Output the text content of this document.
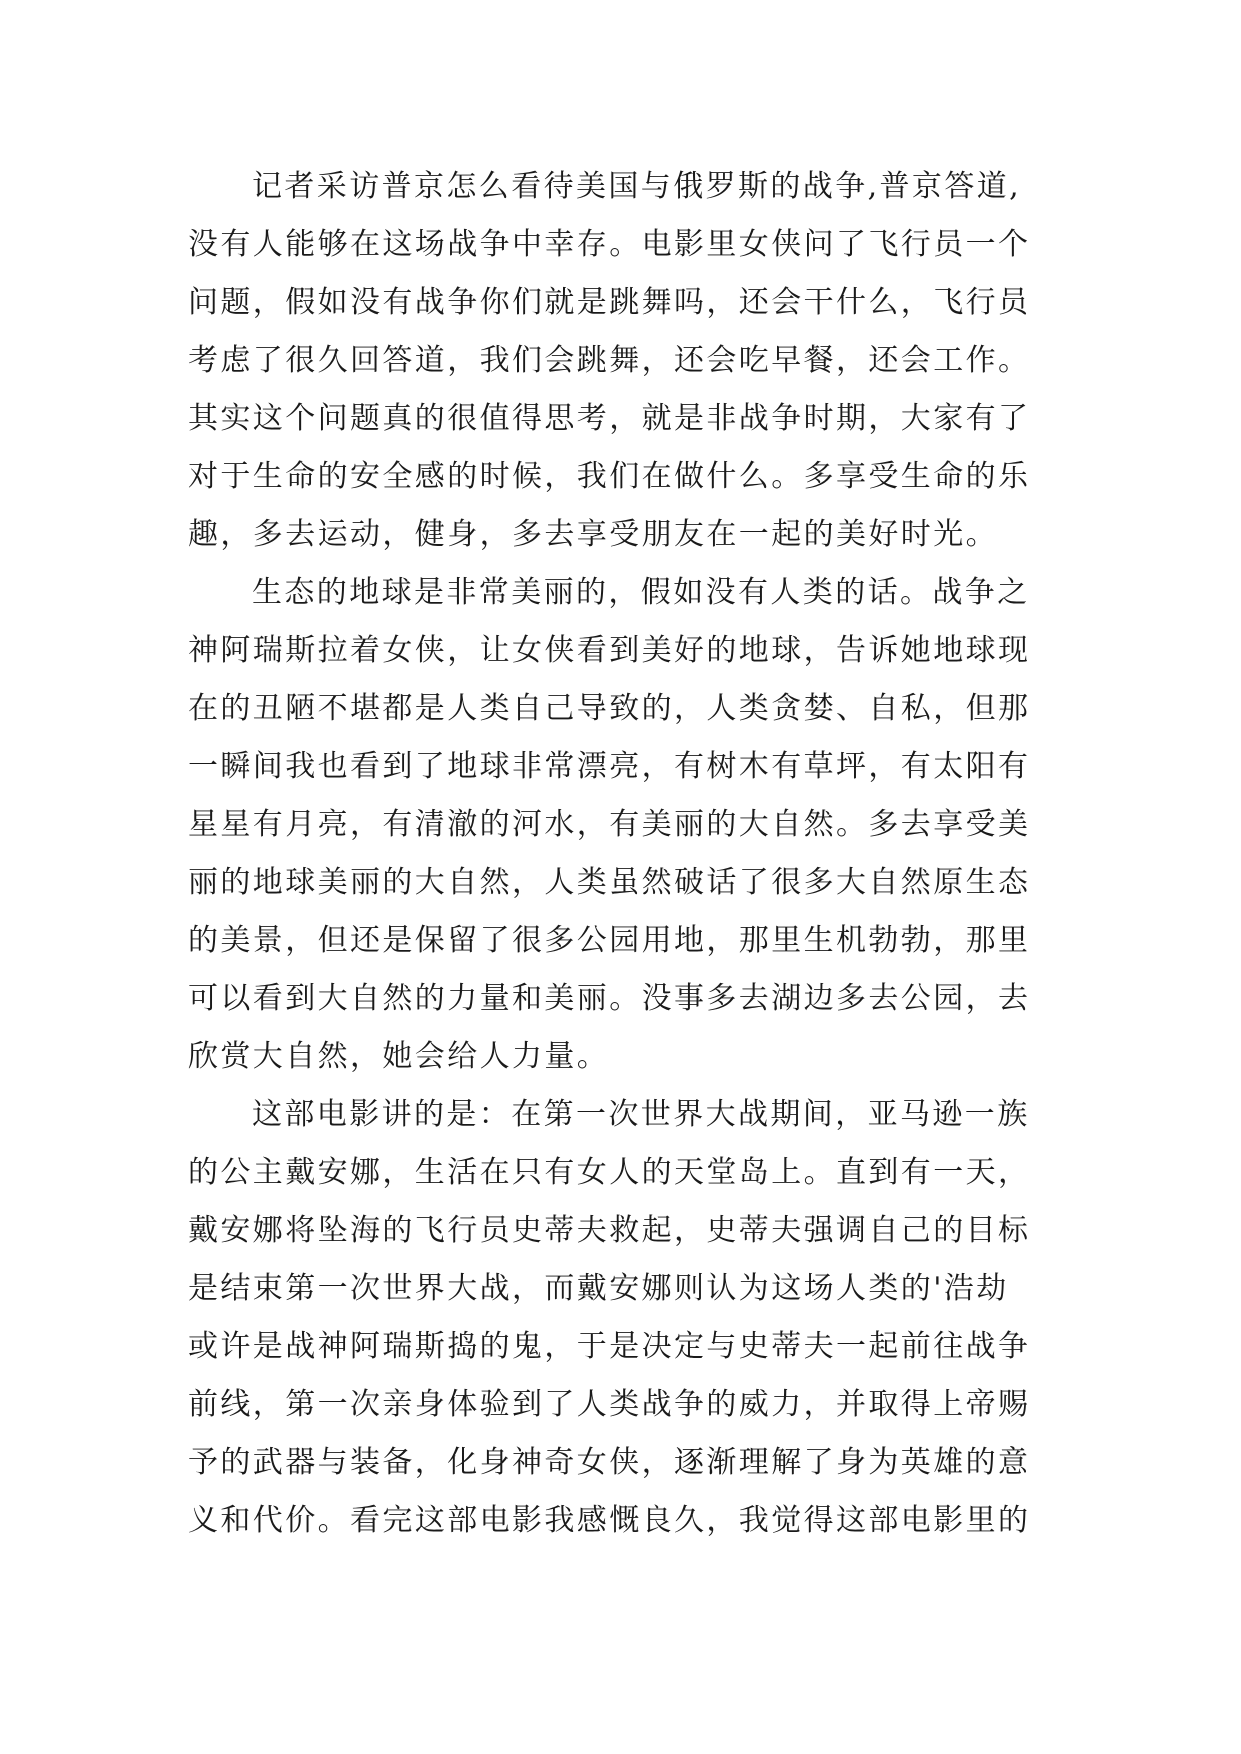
记者采访普京怎么看待美国与俄罗斯的战争,普京答道,
没有人能够在这场战争中幸存。电影里女侠问了飞行员一个
问题，假如没有战争你们就是跳舞吗，还会干什么，飞行员
考虑了很久回答道，我们会跳舞，还会吃早餐，还会工作。
其实这个问题真的很值得思考，就是非战争时期，大家有了
对于生命的安全感的时候，我们在做什么。多享受生命的乐
趣，多去运动，健身，多去享受朋友在一起的美好时光。
生态的地球是非常美丽的，假如没有人类的话。战争之
神阿瑞斯拉着女侠，让女侠看到美好的地球，告诉她地球现
在的丑陋不堪都是人类自己导致的，人类贪婪、自私，但那
一瞬间我也看到了地球非常漂亮，有树木有草坪，有太阳有
星星有月亮，有清澈的河水，有美丽的大自然。多去享受美
丽的地球美丽的大自然，人类虽然破话了很多大自然原生态
的美景，但还是保留了很多公园用地，那里生机勃勃，那里
可以看到大自然的力量和美丽。没事多去湖边多去公园，去
欣赏大自然，她会给人力量。
这部电影讲的是：在第一次世界大战期间，亚马逊一族
的公主戴安娜，生活在只有女人的天堂岛上。直到有一天，
戴安娜将坠海的飞行员史蒂夫救起，史蒂夫强调自己的目标
是结束第一次世界大战，而戴安娜则认为这场人类的'浩劫
或许是战神阿瑞斯捣的鬼，于是决定与史蒂夫一起前往战争
前线，第一次亲身体验到了人类战争的威力，并取得上帝赐
予的武器与装备，化身神奇女侠，逐渐理解了身为英雄的意
义和代价。看完这部电影我感慨良久，我觉得这部电影里的
